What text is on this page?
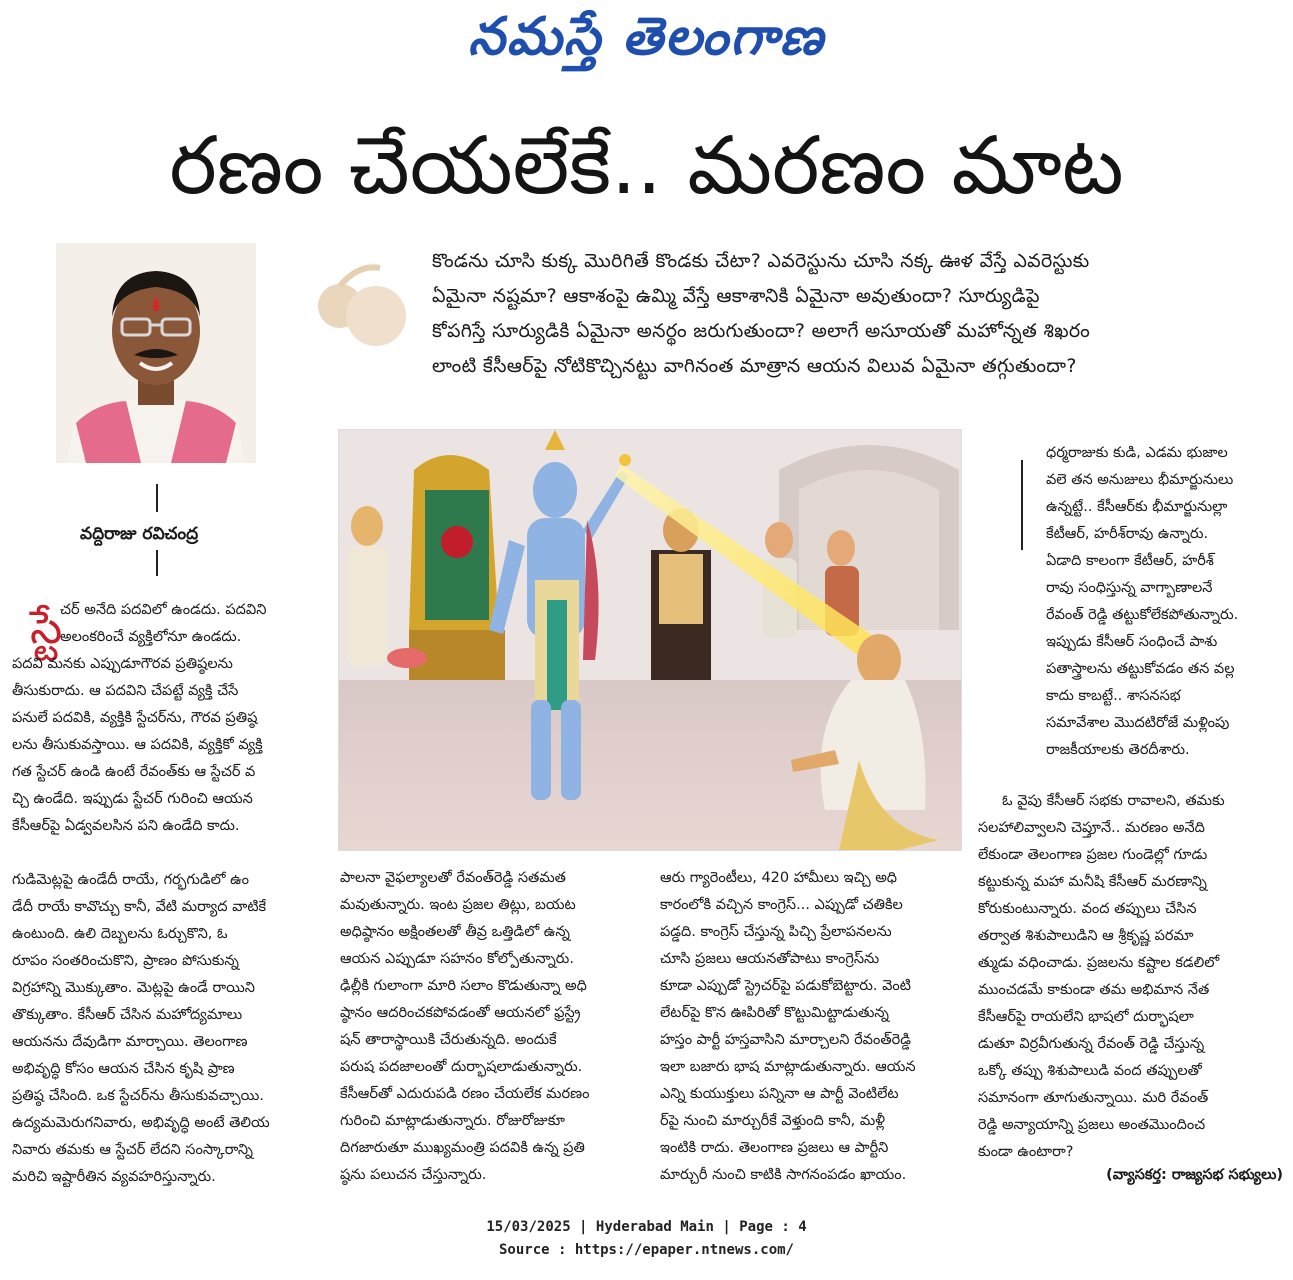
నమస్తే తెలంగాణ
రణం చేయలేకే.. మరణం మాట
వద్దిరాజు రవిచంద్ర
కొండను చూసి కుక్క మొరిగితే కొండకు చేటా? ఎవరెస్టును చూసి నక్క ఊళ వేస్తే ఎవరెస్టుకు
ఏమైనా నష్టమా? ఆకాశంపై ఉమ్మి వేస్తే ఆకాశానికి ఏమైనా అవుతుందా? సూర్యుడిపై
కోపగిస్తే సూర్యుడికి ఏమైనా అనర్థం జరుగుతుందా? అలాగే అసూయతో మహోన్నత శిఖరం
లాంటి కేసీఆర్‌పై నోటికొచ్చినట్టు వాగినంత మాత్రాన ఆయన విలువ ఏమైనా తగ్గుతుందా?
స్టే
చర్ అనేది పదవిలో ఉండదు. పదవిని
అలంకరించే వ్యక్తిలోనూ ఉండదు.
పదవి మనకు ఎప్పుడూగౌరవ ప్రతిష్ఠలను
తీసుకురాదు. ఆ పదవిని చేపట్టే వ్యక్తి చేసే
పనులే పదవికి, వ్యక్తికి స్టేచర్‌ను, గౌరవ ప్రతిష్ఠ
లను తీసుకువస్తాయి. ఆ పదవికి, వ్యక్తికో వ్యక్తి
గత స్టేచర్ ఉండి ఉంటే రేవంత్‌కు ఆ స్టేచర్ వ
చ్చి ఉండేది. ఇప్పుడు స్టేచర్ గురించి ఆయన
కేసీఆర్‌పై ఏడ్వవలసిన పని ఉండేది కాదు.
గుడిమెట్లపై ఉండేదీ రాయే, గర్భగుడిలో ఉం
డేదీ రాయే కావొచ్చు కానీ, వేటి మర్యాద వాటికే
ఉంటుంది. ఉలి దెబ్బలను ఓర్చుకొని, ఓ
రూపం సంతరించుకొని, ప్రాణం పోసుకున్న
విగ్రహాన్ని మొక్కుతాం. మెట్లపై ఉండే రాయిని
తొక్కుతాం. కేసీఆర్ చేసిన మహోద్యమాలు
ఆయనను దేవుడిగా మార్చాయి. తెలంగాణ
అభివృద్ధి కోసం ఆయన చేసిన కృషి ప్రాణ
ప్రతిష్ఠ చేసింది. ఒక స్టేచర్‌ను తీసుకువచ్చాయి.
ఉద్యమమెరుగనివారు, అభివృద్ధి అంటే తెలియ
నివారు తమకు ఆ స్టేచర్ లేదని సంస్కారాన్ని
మరిచి ఇష్టారీతిన వ్యవహరిస్తున్నారు.
పాలనా వైఫల్యాలతో రేవంత్‌రెడ్డి సతమత
మవుతున్నారు. ఇంట ప్రజల తిట్లు, బయట
అధిష్ఠానం అక్షింతలతో తీవ్ర ఒత్తిడిలో ఉన్న
ఆయన ఎప్పుడూ సహనం కోల్పోతున్నారు.
ఢిల్లీకి గులాంగా మారి సలాం కొడుతున్నా అధి
ష్ఠానం ఆదరించకపోవడంతో ఆయనలో ఫ్రస్ట్రే
షన్ తారాస్థాయికి చేరుతున్నది. అందుకే
పరుష పదజాలంతో దుర్భాషలాడుతున్నారు.
కేసీఆర్‌తో ఎదురుపడి రణం చేయలేక మరణం
గురించి మాట్లాడుతున్నారు. రోజురోజుకూ
దిగజారుతూ ముఖ్యమంత్రి పదవికి ఉన్న ప్రతి
ష్ఠను పలుచన చేస్తున్నారు.
ఆరు గ్యారెంటీలు, 420 హామీలు ఇచ్చి అధి
కారంలోకి వచ్చిన కాంగ్రెస్... ఎప్పుడో చతికిల
పడ్డది. కాంగ్రెస్ చేస్తున్న పిచ్చి ప్రేలాపనలను
చూసి ప్రజలు ఆయనతోపాటు కాంగ్రెస్‌ను
కూడా ఎప్పుడో స్ట్రెచర్‌పై పడుకోబెట్టారు. వెంటి
లేటర్‌పై కొన ఊపిరితో కొట్టుమిట్టాడుతున్న
హస్తం పార్టీ హస్తవాసిని మార్చాలని రేవంత్‌రెడ్డి
ఇలా బజారు భాష మాట్లాడుతున్నారు. ఆయన
ఎన్ని కుయుక్తులు పన్నినా ఆ పార్టీ వెంటిలేట
ర్‌పై నుంచి మార్చురీకే వెళ్తుంది కానీ, మళ్లీ
ఇంటికి రాదు. తెలంగాణ ప్రజలు ఆ పార్టీని
మార్చురీ నుంచి కాటికి సాగనంపడం ఖాయం.
ధర్మరాజుకు కుడి, ఎడమ భుజాల
వలె తన అనుజులు భీమార్జునులు
ఉన్నట్టే.. కేసీఆర్‌కు భీమార్జునుల్లా
కేటీఆర్, హరీశ్‌రావు ఉన్నారు.
ఏడాది కాలంగా కేటీఆర్, హరీశ్
రావు సంధిస్తున్న వాగ్బాణాలనే
రేవంత్ రెడ్డి తట్టుకోలేకపోతున్నారు.
ఇప్పుడు కేసీఆర్ సంధించే పాశు
పతాస్త్రాలను తట్టుకోవడం తన వల్ల
కాదు కాబట్టే.. శాసనసభ
సమావేశాల మొదటిరోజే మళ్లింపు
రాజకీయాలకు తెరదీశారు.
ఓ వైపు కేసీఆర్ సభకు రావాలని, తమకు
సలహాలివ్వాలని చెప్తూనే.. మరణం అనేది
లేకుండా తెలంగాణ ప్రజల గుండెల్లో గూడు
కట్టుకున్న మహా మనీషి కేసీఆర్ మరణాన్ని
కోరుకుంటున్నారు. వంద తప్పులు చేసిన
తర్వాత శిశుపాలుడిని ఆ శ్రీకృష్ణ పరమా
త్ముడు వధించాడు. ప్రజలను కష్టాల కడలిలో
ముంచడమే కాకుండా తమ అభిమాన నేత
కేసీఆర్‌పై రాయలేని భాషలో దుర్భాషలా
డుతూ విర్రవీగుతున్న రేవంత్ రెడ్డి చేస్తున్న
ఒక్కో తప్పు శిశుపాలుడి వంద తప్పులతో
సమానంగా తూగుతున్నాయి. మరి రేవంత్
రెడ్డి అన్యాయాన్ని ప్రజలు అంతమొందించ
కుండా ఉంటారా?
(వ్యాసకర్త: రాజ్యసభ సభ్యులు)
15/03/2025 | Hyderabad Main | Page : 4
Source : https://epaper.ntnews.com/
